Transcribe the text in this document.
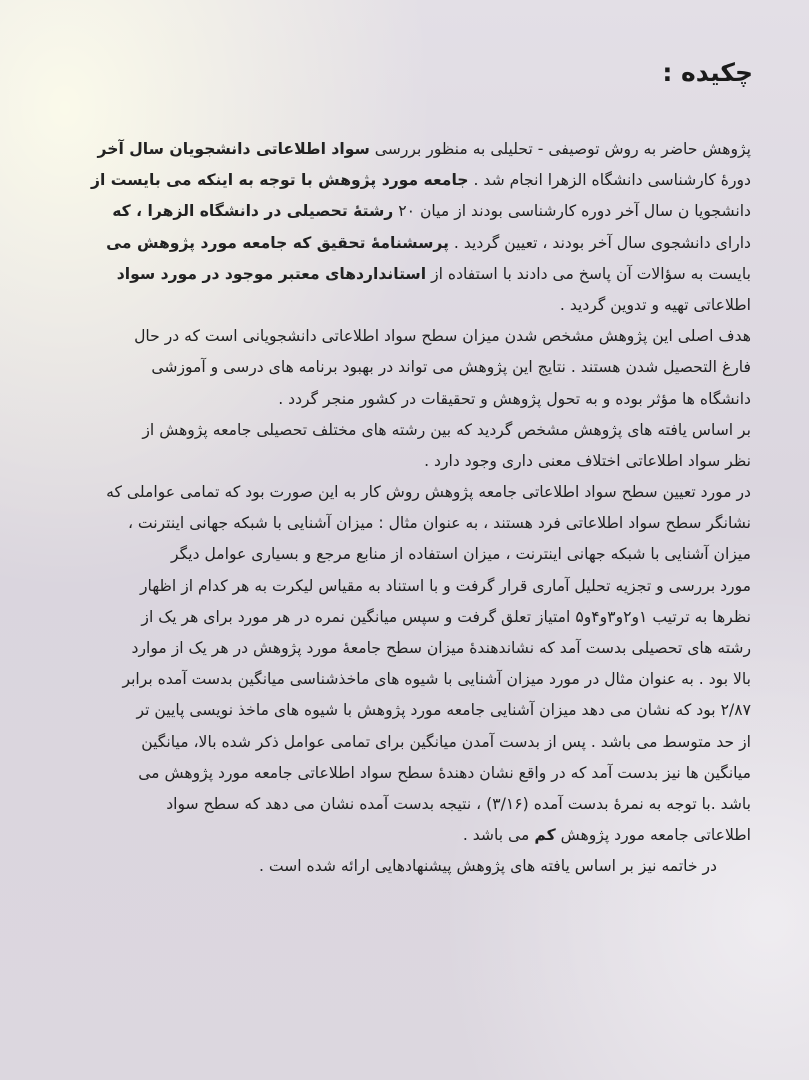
چکیده :

پژوهش حاضر به روش توصیفی - تحلیلی به منظور بررسی سواد اطلاعاتی دانشجویان سال آخر
دورهٔ کارشناسی دانشگاه الزهرا انجام شد . جامعه مورد پژوهش با توجه به اینکه می بایست از
دانشجویا ن سال آخر دوره کارشناسی بودند از میان ۲۰ رشتهٔ تحصیلی در دانشگاه الزهرا ، که
دارای دانشجوی سال آخر بودند ، تعیین گردید . پرسشنامهٔ تحقیق که جامعه مورد پژوهش می
بایست به سؤالات آن پاسخ می دادند با استفاده از استانداردهای معتبر موجود در مورد سواد
اطلاعاتی تهیه و تدوین گردید .

هدف اصلی این پژوهش مشخص شدن میزان سطح سواد اطلاعاتی دانشجویانی است که در حال
فارغ التحصیل شدن هستند . نتایج این پژوهش می تواند در بهبود برنامه های درسی و آموزشی
دانشگاه ها مؤثر بوده و به تحول پژوهش و تحقیقات در کشور منجر گردد .

بر اساس یافته های پژوهش مشخص گردید که بین رشته های مختلف تحصیلی جامعه پژوهش از
نظر سواد اطلاعاتی اختلاف معنی داری وجود دارد .

در مورد تعیین سطح سواد اطلاعاتی جامعه پژوهش روش کار به این صورت بود که تمامی عواملی که
نشانگر سطح سواد اطلاعاتی فرد هستند ، به عنوان مثال : میزان آشنایی با شبکه جهانی اینترنت ،
میزان آشنایی با شبکه جهانی اینترنت ، میزان استفاده از منابع مرجع و بسیاری عوامل دیگر
مورد بررسی و تجزیه تحلیل آماری قرار گرفت و با استناد به مقیاس لیکرت به هر کدام از اظهار
نظرها به ترتیب ۱و۲و۳و۴و۵ امتیاز تعلق گرفت و سپس میانگین نمره در هر مورد برای هر یک از
رشته های تحصیلی بدست آمد که نشاندهندهٔ میزان سطح جامعهٔ مورد پژوهش در هر یک از موارد
بالا بود . به عنوان مثال در مورد میزان آشنایی با شیوه های ماخذشناسی میانگین بدست آمده برابر
۲/۸۷ بود که نشان می دهد میزان آشنایی جامعه مورد پژوهش با شیوه های ماخذ نویسی پایین تر
از حد متوسط می باشد . پس از بدست آمدن میانگین برای تمامی عوامل ذکر شده بالا، میانگین
میانگین ها نیز بدست آمد که در واقع نشان دهندهٔ سطح سواد اطلاعاتی جامعه مورد پژوهش می
باشد .با توجه به نمرهٔ بدست آمده (۳/۱۶) ، نتیجه بدست آمده نشان می دهد که سطح سواد
اطلاعاتی جامعه مورد پژوهش کم می باشد .

در خاتمه نیز بر اساس یافته های پژوهش پیشنهادهایی ارائه شده است .
